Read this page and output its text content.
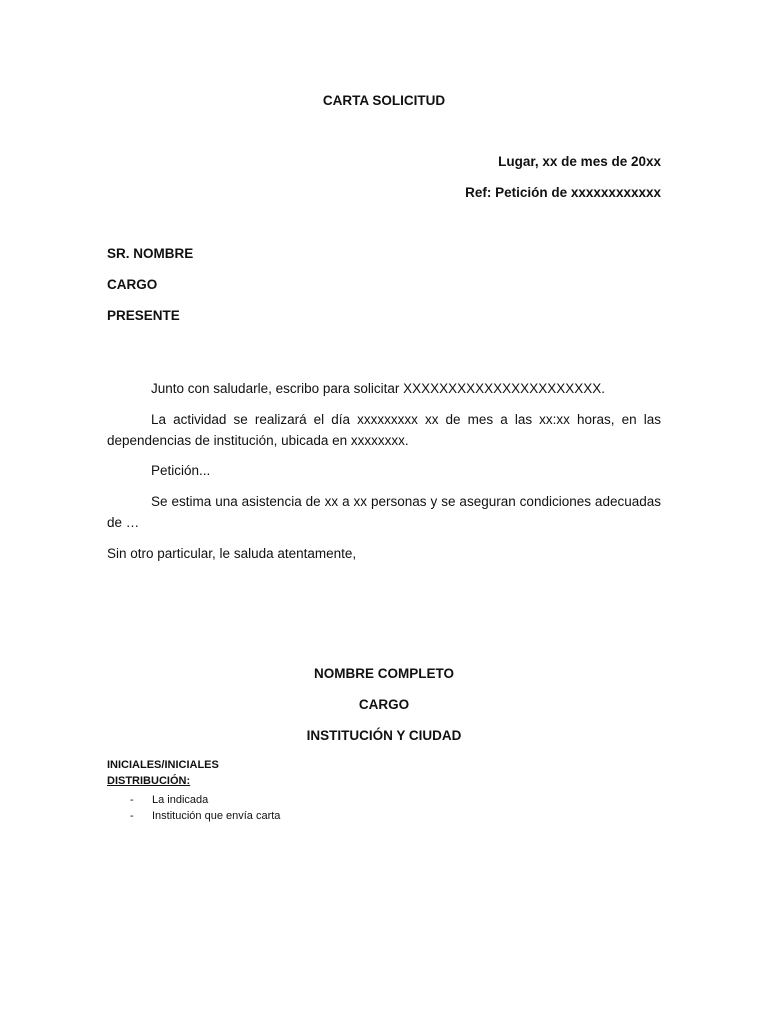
CARTA SOLICITUD
Lugar, xx de mes de 20xx
Ref: Petición de xxxxxxxxxxxx
SR. NOMBRE
CARGO
PRESENTE
Junto con saludarle, escribo para solicitar XXXXXXXXXXXXXXXXXXXXXX.
La actividad se realizará el día xxxxxxxxx xx de mes a las xx:xx horas, en las dependencias de institución, ubicada en xxxxxxxx.
Petición...
Se estima una asistencia de xx a xx personas y se aseguran condiciones adecuadas de …
Sin otro particular, le saluda atentamente,
NOMBRE COMPLETO
CARGO
INSTITUCIÓN Y CIUDAD
INICIALES/INICIALES
DISTRIBUCIÓN:
- La indicada
- Institución que envía carta
